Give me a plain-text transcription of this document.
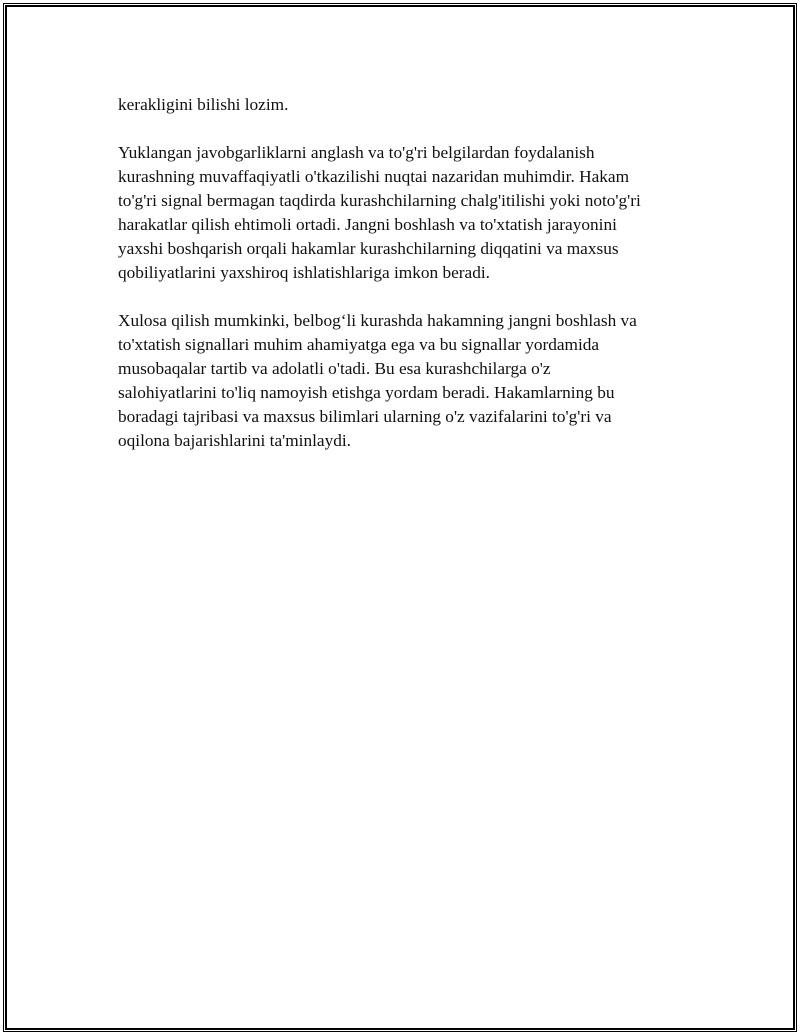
kerakligini bilishi lozim.

Yuklangan javobgarliklarni anglash va to'g'ri belgilardan foydalanish
kurashning muvaffaqiyatli o'tkazilishi nuqtai nazaridan muhimdir. Hakam
to'g'ri signal bermagan taqdirda kurashchilarning chalg'itilishi yoki noto'g'ri
harakatlar qilish ehtimoli ortadi. Jangni boshlash va to'xtatish jarayonini
yaxshi boshqarish orqali hakamlar kurashchilarning diqqatini va maxsus
qobiliyatlarini yaxshiroq ishlatishlariga imkon beradi.

Xulosa qilish mumkinki, belbog‘li kurashda hakamning jangni boshlash va
to'xtatish signallari muhim ahamiyatga ega va bu signallar yordamida
musobaqalar tartib va adolatli o'tadi. Bu esa kurashchilarga o'z
salohiyatlarini to'liq namoyish etishga yordam beradi. Hakamlarning bu
boradagi tajribasi va maxsus bilimlari ularning o'z vazifalarini to'g'ri va
oqilona bajarishlarini ta'minlaydi.
